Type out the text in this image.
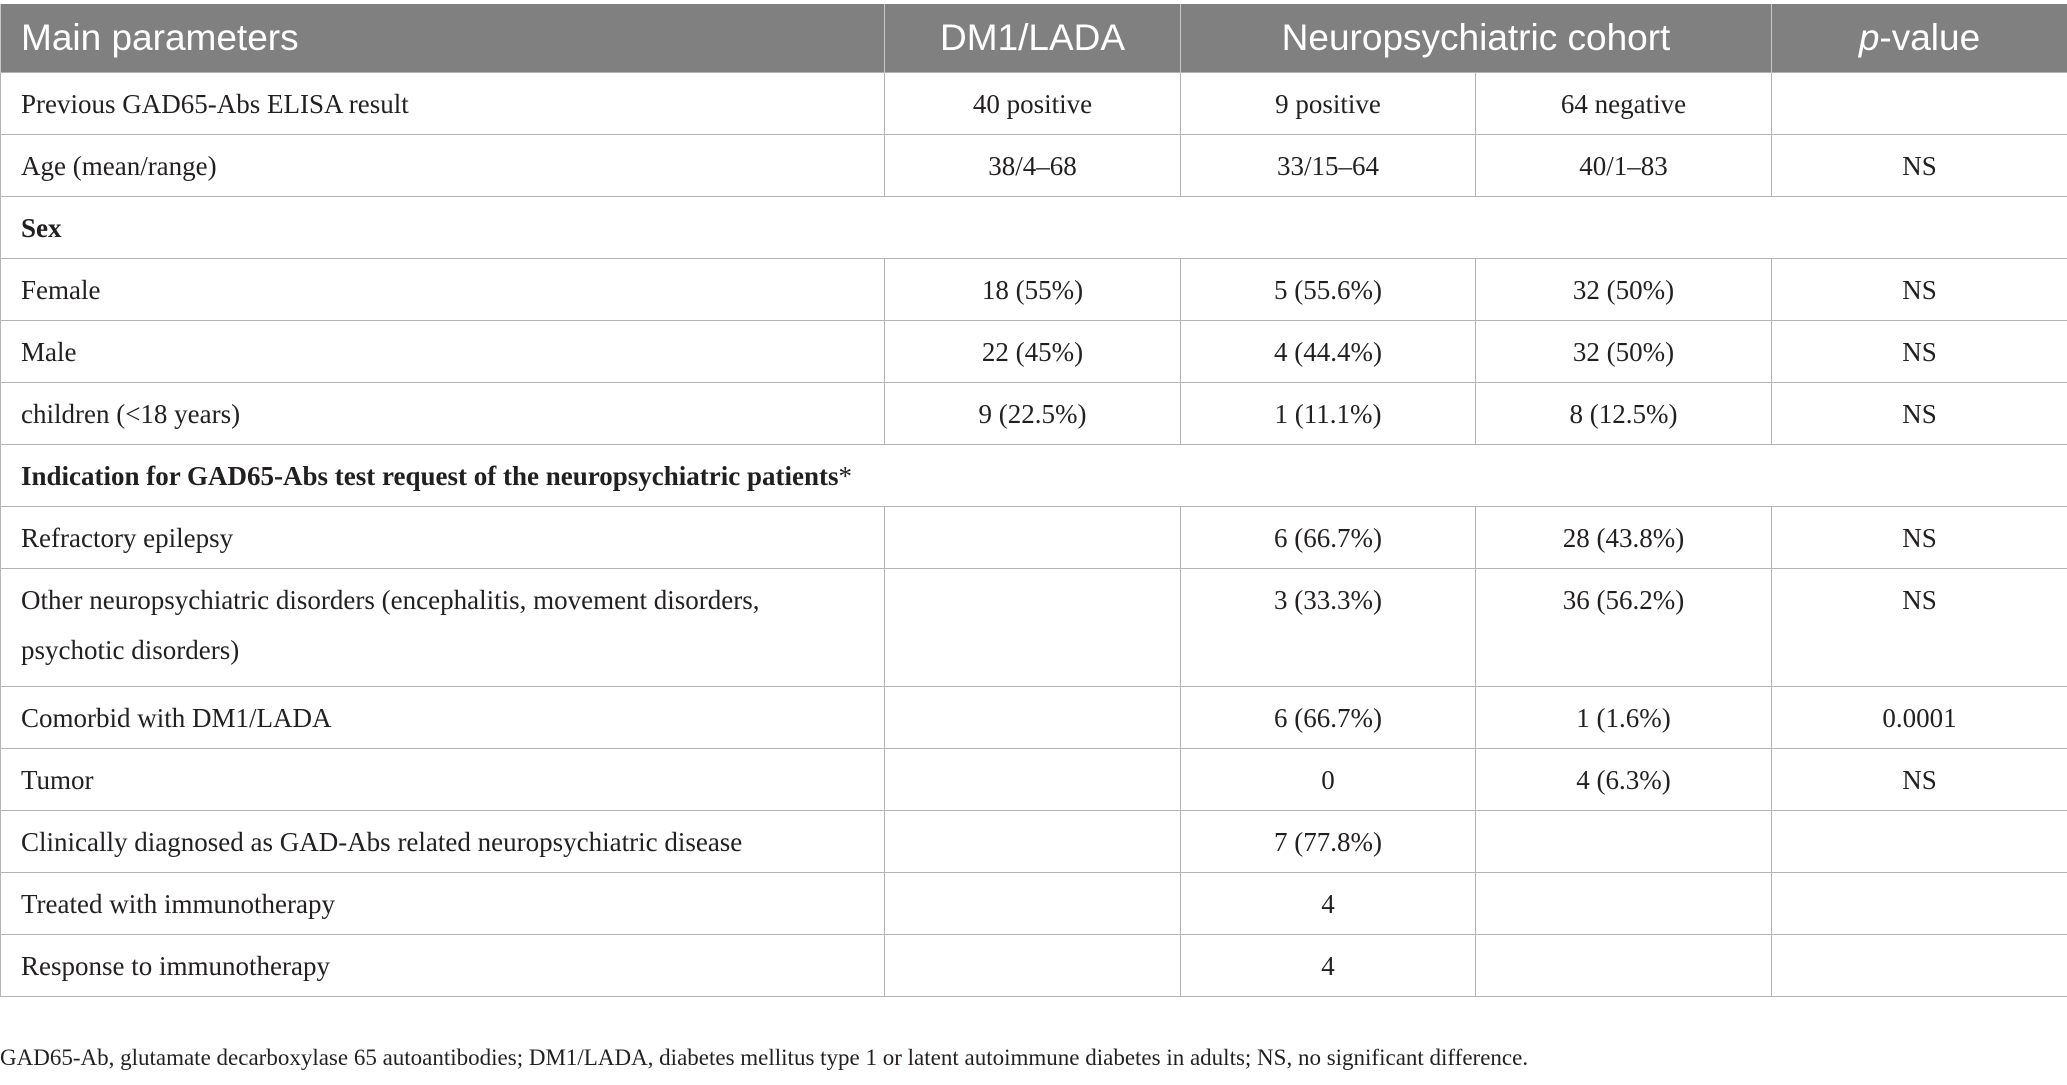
Main parameters	DM1/LADA	Neuropsychiatric cohort		p-value
Previous GAD65-Abs ELISA result	40 positive	9 positive	64 negative	
Age (mean/range)	38/4–68	33/15–64	40/1–83	NS
Sex				
Female	18 (55%)	5 (55.6%)	32 (50%)	NS
Male	22 (45%)	4 (44.4%)	32 (50%)	NS
children (<18 years)	9 (22.5%)	1 (11.1%)	8 (12.5%)	NS
Indication for GAD65-Abs test request of the neuropsychiatric patients*				
Refractory epilepsy		6 (66.7%)	28 (43.8%)	NS
Other neuropsychiatric disorders (encephalitis, movement disorders,
psychotic disorders)		3 (33.3%)	36 (56.2%)	NS
Comorbid with DM1/LADA		6 (66.7%)	1 (1.6%)	0.0001
Tumor		0	4 (6.3%)	NS
Clinically diagnosed as GAD-Abs related neuropsychiatric disease		7 (77.8%)		
Treated with immunotherapy		4		
Response to immunotherapy		4		
GAD65-Ab, glutamate decarboxylase 65 autoantibodies; DM1/LADA, diabetes mellitus type 1 or latent autoimmune diabetes in adults; NS, no significant difference.
